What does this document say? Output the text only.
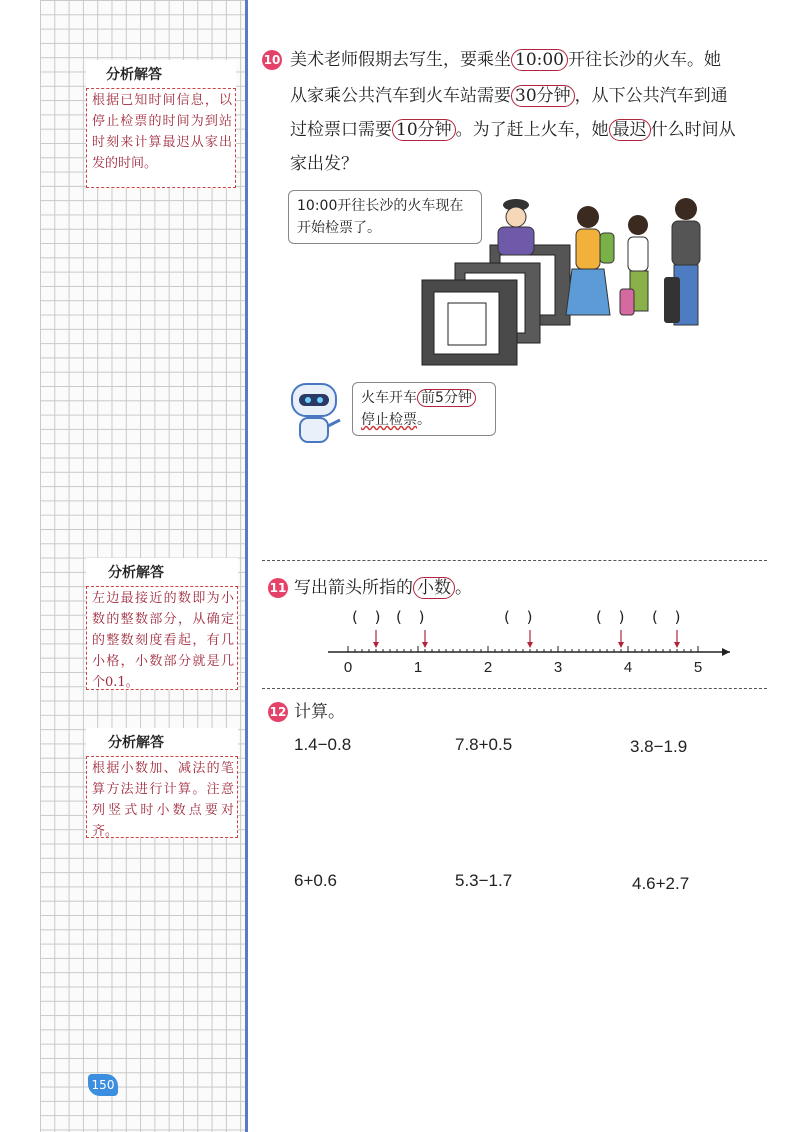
分析解答
根据已知时间信息，以停止检票的时间为到站时刻来计算最迟从家出发的时间。
分析解答
左边最接近的数即为小数的整数部分，从确定的整数刻度看起，有几小格，小数部分就是几个0.1。
分析解答
根据小数加、减法的笔算方法进行计算。注意列竖式时小数点要对齐。
150
10 美术老师假期去写生，要乘坐 10:00 开往长沙的火车。她
从家乘公共汽车到火车站需要 30分钟 ，从下公共汽车到通
过检票口需要 10分钟 。为了赶上火车，她 最迟 什么时间从
家出发？
10:00开往长沙的火车现在开始检票了。
火车开车 前5分钟
停止检票。
11 写出箭头所指的 小数 。
( ) ( )	( )	( ) ( )
0	1	2	3	4	5
12 计算。
1.4−0.8	7.8+0.5	3.8−1.9
6+0.6	5.3−1.7	4.6+2.7
